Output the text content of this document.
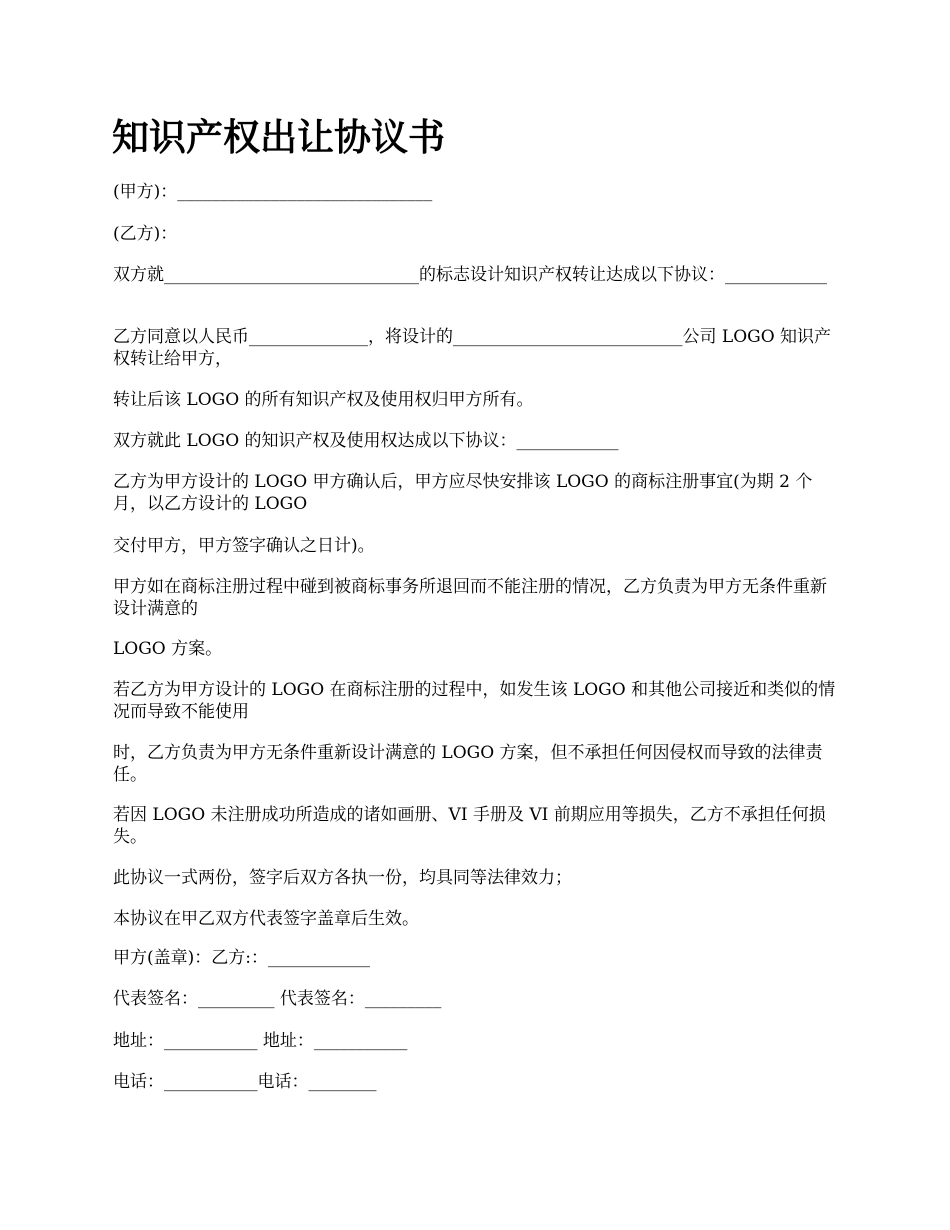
知识产权出让协议书

(甲方)：______________________________

(乙方)：

双方就______________________________的标志设计知识产权转让达成以下协议：____________

乙方同意以人民币______________，将设计的___________________________公司 LOGO 知识产权转让给甲方，

转让后该 LOGO 的所有知识产权及使用权归甲方所有。

双方就此 LOGO 的知识产权及使用权达成以下协议：____________

乙方为甲方设计的 LOGO 甲方确认后，甲方应尽快安排该 LOGO 的商标注册事宜(为期 2 个月，以乙方设计的 LOGO

交付甲方，甲方签字确认之日计)。

甲方如在商标注册过程中碰到被商标事务所退回而不能注册的情况，乙方负责为甲方无条件重新设计满意的

LOGO 方案。

若乙方为甲方设计的 LOGO 在商标注册的过程中，如发生该 LOGO 和其他公司接近和类似的情况而导致不能使用

时，乙方负责为甲方无条件重新设计满意的 LOGO 方案，但不承担任何因侵权而导致的法律责任。

若因 LOGO 未注册成功所造成的诸如画册、VI 手册及 VI 前期应用等损失，乙方不承担任何损失。

此协议一式两份，签字后双方各执一份，均具同等法律效力；

本协议在甲乙双方代表签字盖章后生效。

甲方(盖章)：乙方:：____________

代表签名：_________ 代表签名：_________

地址：___________ 地址：___________

电话：___________电话：________
